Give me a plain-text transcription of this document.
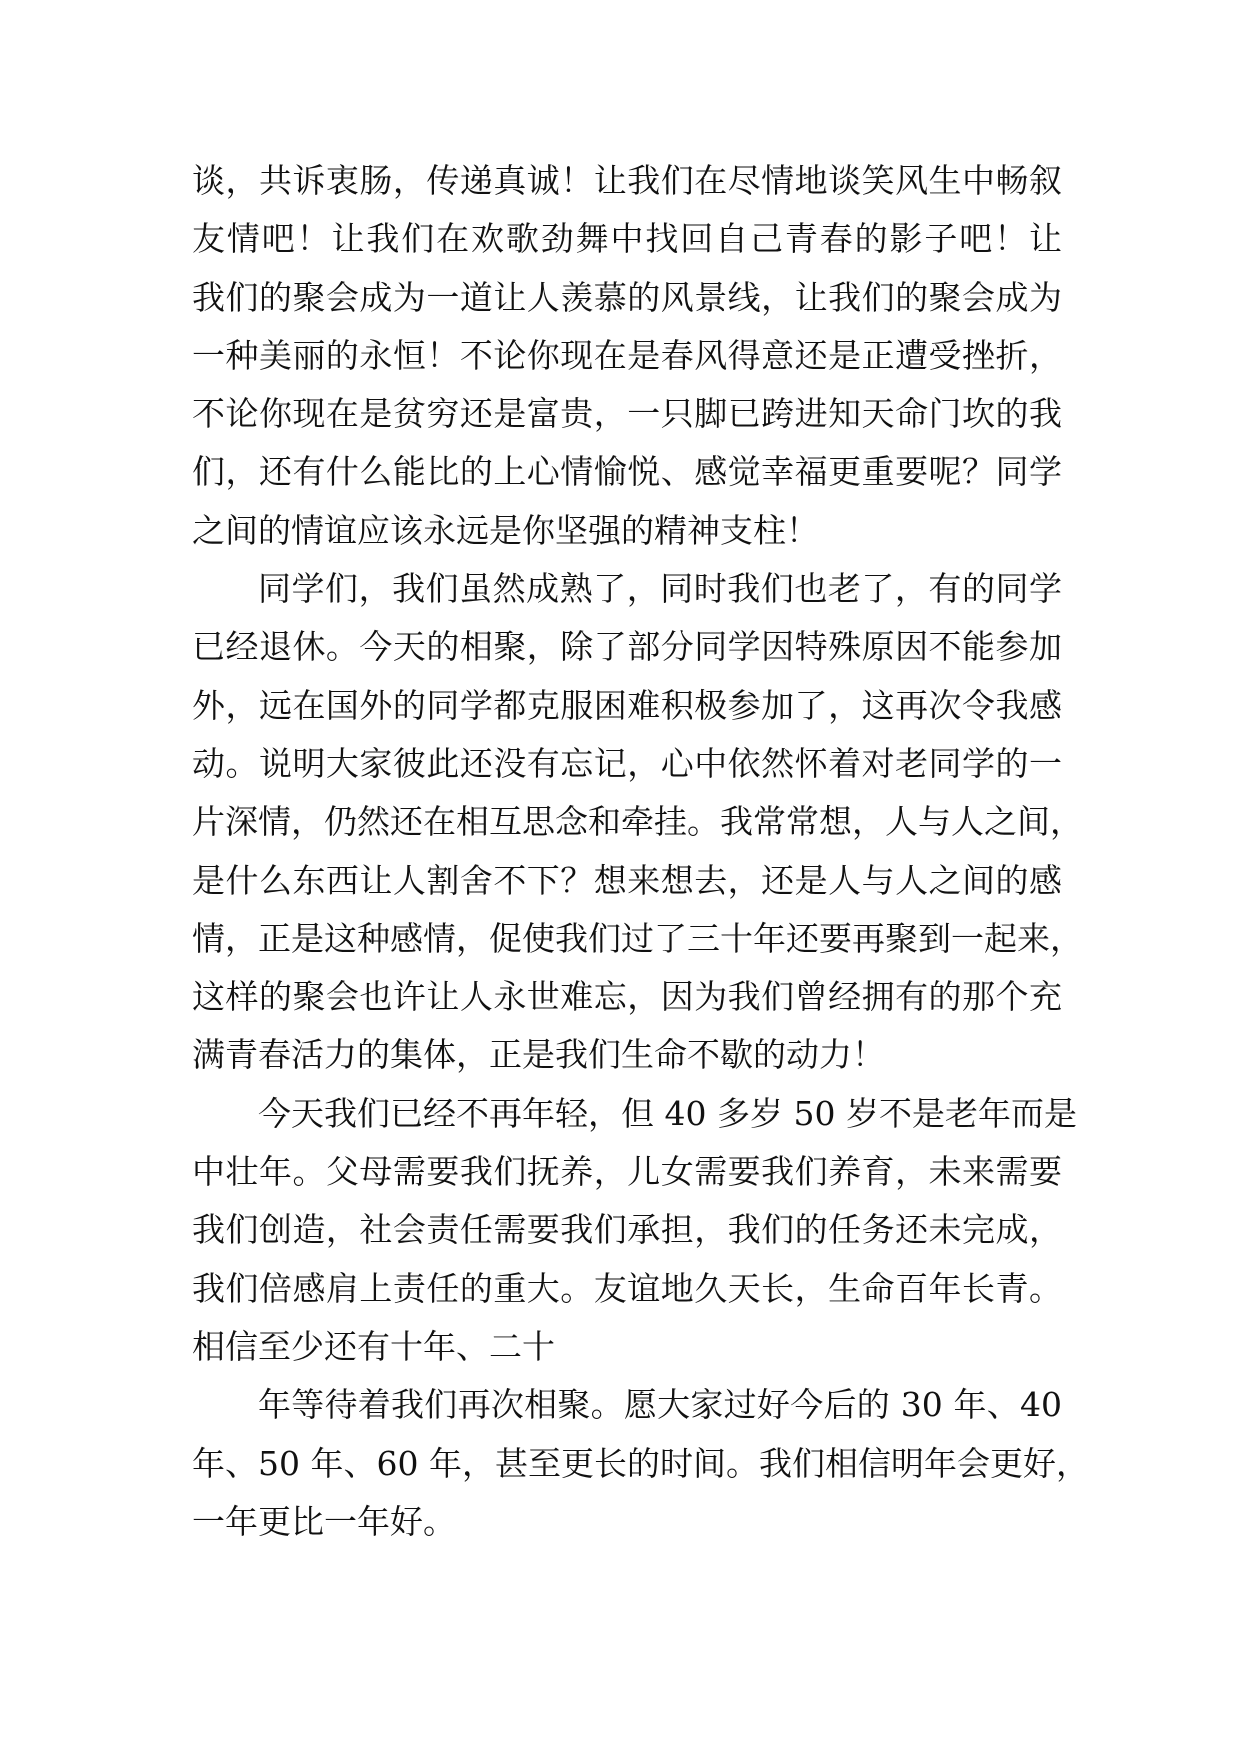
谈，共诉衷肠，传递真诚！让我们在尽情地谈笑风生中畅叙
友情吧！让我们在欢歌劲舞中找回自己青春的影子吧！让
我们的聚会成为一道让人羡慕的风景线，让我们的聚会成为
一种美丽的永恒！不论你现在是春风得意还是正遭受挫折，
不论你现在是贫穷还是富贵，一只脚已跨进知天命门坎的我
们，还有什么能比的上心情愉悦、感觉幸福更重要呢？同学
之间的情谊应该永远是你坚强的精神支柱！
同学们，我们虽然成熟了，同时我们也老了，有的同学
已经退休。今天的相聚，除了部分同学因特殊原因不能参加
外，远在国外的同学都克服困难积极参加了，这再次令我感
动。说明大家彼此还没有忘记，心中依然怀着对老同学的一
片深情，仍然还在相互思念和牵挂。我常常想，人与人之间，
是什么东西让人割舍不下？想来想去，还是人与人之间的感
情，正是这种感情，促使我们过了三十年还要再聚到一起来，
这样的聚会也许让人永世难忘，因为我们曾经拥有的那个充
满青春活力的集体，正是我们生命不歇的动力！
今天我们已经不再年轻，但 40 多岁 50 岁不是老年而是
中壮年。父母需要我们抚养，儿女需要我们养育，未来需要
我们创造，社会责任需要我们承担，我们的任务还未完成，
我们倍感肩上责任的重大。友谊地久天长，生命百年长青。
相信至少还有十年、二十
年等待着我们再次相聚。愿大家过好今后的 30 年、40
年、50 年、60 年，甚至更长的时间。我们相信明年会更好，
一年更比一年好。
